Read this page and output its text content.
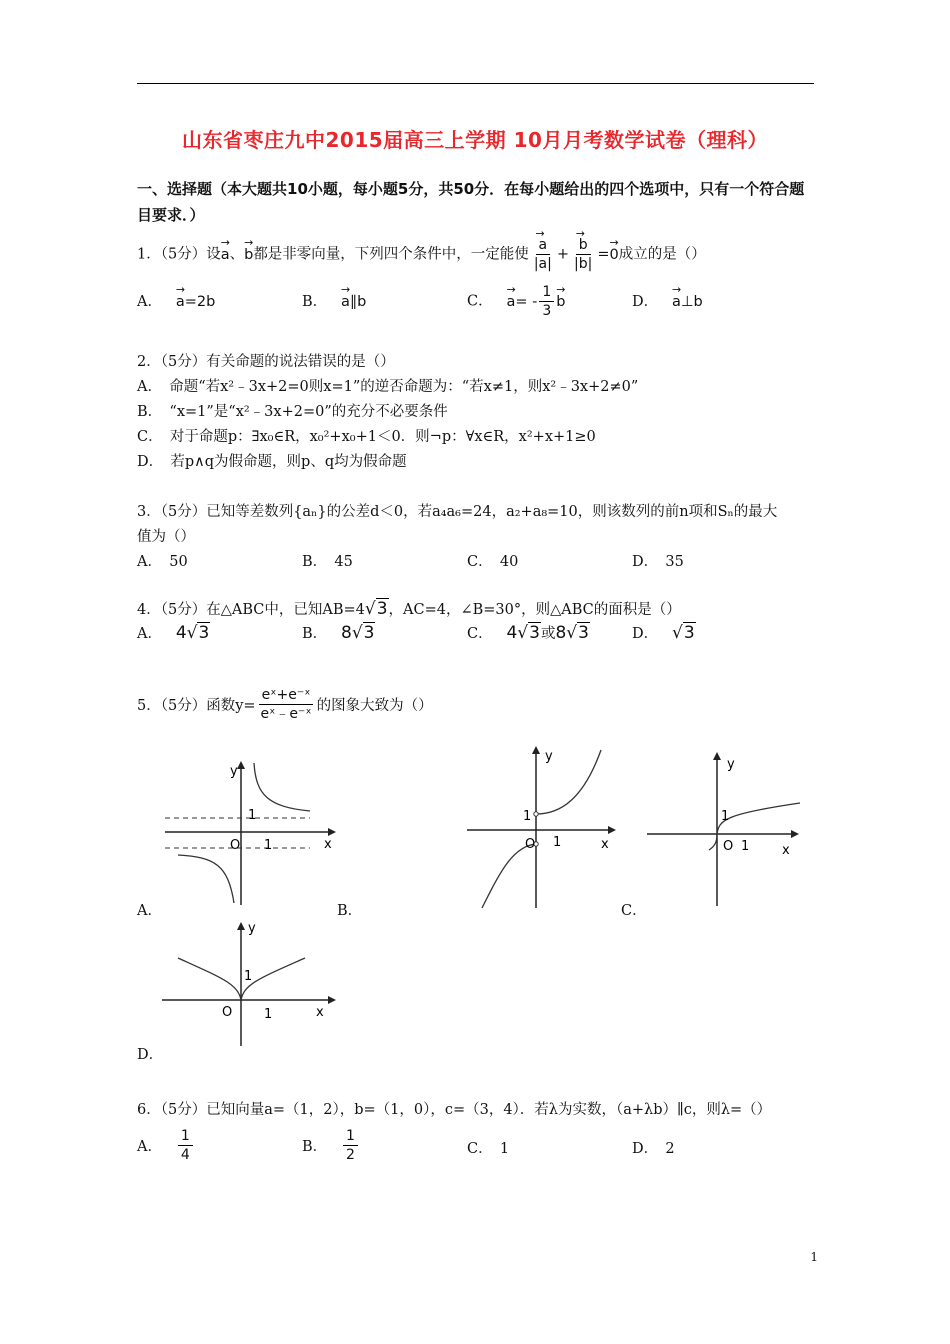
山东省枣庄九中2015届高三上学期 10月月考数学试卷（理科）
一、选择题（本大题共10小题，每小题5分，共50分．在每小题给出的四个选项中，只有一个符合题目要求．）
1．（5分）设→ a、→ b都是非零向量，下列四个条件中，一定能使
→ $\frac{a}{|a|}$ +
→ $\frac{b}{|b|} =\to 0$成立的是（）
A．   → a=2b	B．   → a∥b	C．   → $a= - \frac{1}{3}$
→ b	D．   → a⊥b
2．（5分）有关命题的说法错误的是（）
A．　命题“若x²﹣3x+2=0则x=1”的逆否命题为：“若x≠1，则x²﹣3x+2≠0”
B．　“x=1”是“x²﹣3x+2=0”的充分不必要条件
C．　对于命题p：∃x₀∈R，x₀²+x₀+1＜0．则¬p：∀x∈R，x²+x+1≥0
D．　若p∧q为假命题，则p、q均为假命题
3．（5分）已知等差数列{aₙ}的公差d＜0，若a₄a₆=24，a₂+a₈=10，则该数列的前n项和Sₙ的最大
值为（）
A．　50	B．　45	C．　40	D．　35
4．（5分）在△ABC中，已知AB=4√3，AC=4，∠B=30°，则△ABC的面积是（）
A． 4√3	B． 8√3	C． 4√3或8√3	D． √3
5．（5分）函数$y= \frac{\text{eˣ+e⁻ˣ}}{\text{eˣ﹣e⁻ˣ}}$ 的图象大致为（）
y
x
O
1
1
A．
y
x
O 1
1
B．
y
x
O 1
1
C．
y
x
O 1
1
D．
6．（5分）已知向量a=（1，2），b=（1，0），c=（3，4）．若λ为实数，（a+λb）∥c，则λ=（）
A． $\frac{1}{4}$	B． $\frac{1}{2}$	C．　1	D．　2
1
